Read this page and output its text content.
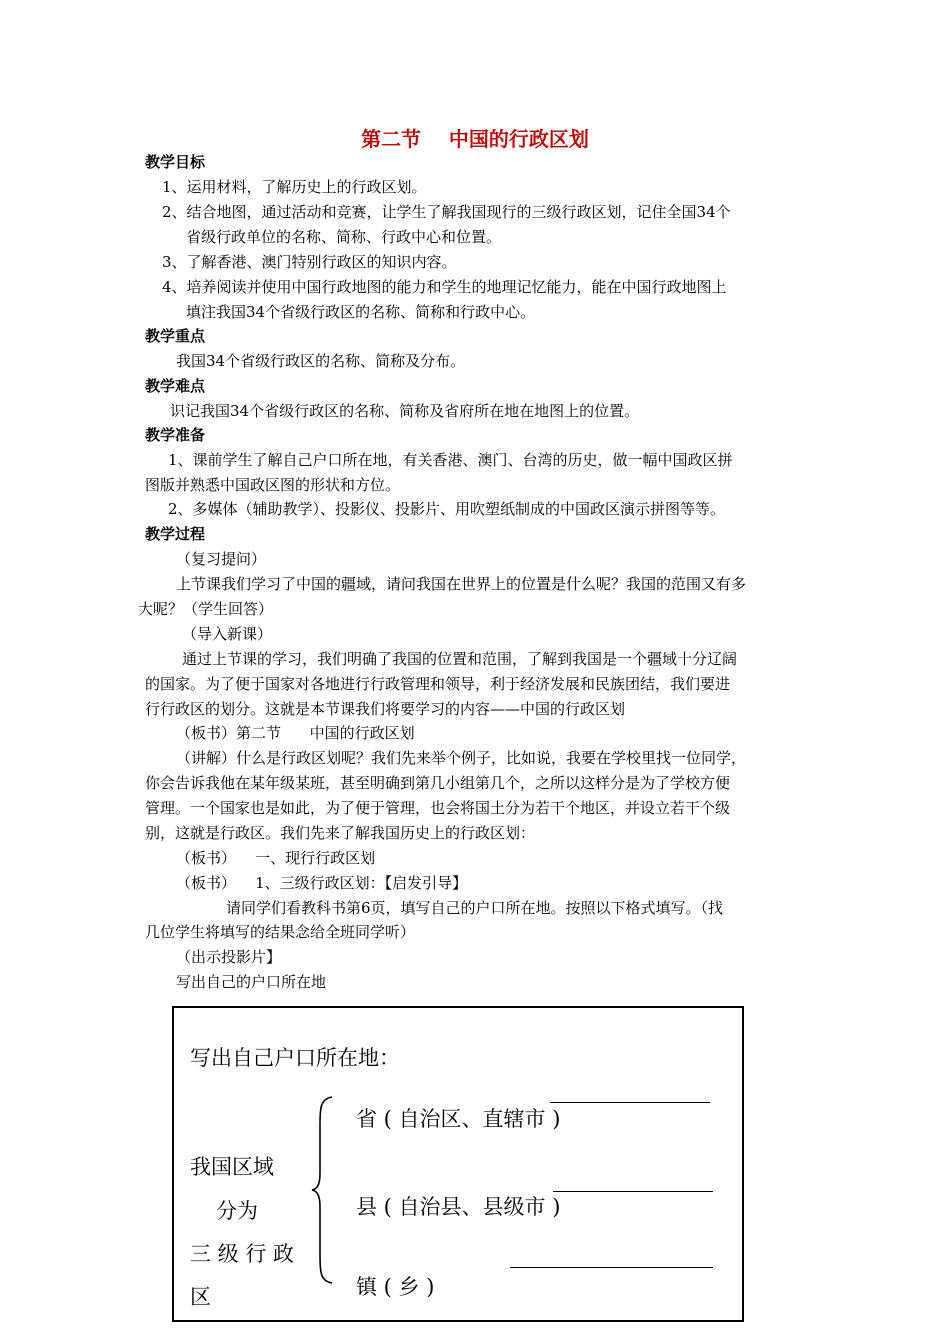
第二节    中国的行政区划
教学目标
1、运用材料，了解历史上的行政区划。
2、结合地图，通过活动和竞赛，让学生了解我国现行的三级行政区划，记住全国34个
省级行政单位的名称、简称、行政中心和位置。
3、了解香港、澳门特别行政区的知识内容。
4、培养阅读并使用中国行政地图的能力和学生的地理记忆能力，能在中国行政地图上
填注我国34个省级行政区的名称、简称和行政中心。
教学重点
我国34个省级行政区的名称、简称及分布。
教学难点
识记我国34个省级行政区的名称、简称及省府所在地在地图上的位置。
教学准备
1、课前学生了解自己户口所在地，有关香港、澳门、台湾的历史，做一幅中国政区拼
图版并熟悉中国政区图的形状和方位。
2、多媒体（辅助教学）、投影仪、投影片、用吹塑纸制成的中国政区演示拼图等等。
教学过程
（复习提问）
上节课我们学习了中国的疆域，请问我国在世界上的位置是什么呢？我国的范围又有多
大呢？（学生回答）
（导入新课）
通过上节课的学习，我们明确了我国的位置和范围，了解到我国是一个疆域十分辽阔
的国家。为了便于国家对各地进行行政管理和领导，利于经济发展和民族团结，我们要进
行行政区的划分。这就是本节课我们将要学习的内容——中国的行政区划
（板书）第二节      中国的行政区划
（讲解）什么是行政区划呢？我们先来举个例子，比如说，我要在学校里找一位同学，
你会告诉我他在某年级某班，甚至明确到第几小组第几个，之所以这样分是为了学校方便
管理。一个国家也是如此，为了便于管理，也会将国土分为若干个地区，并设立若干个级
别，这就是行政区。我们先来了解我国历史上的行政区划：
（板书）    一、现行行政区划
（板书）    1、三级行政区划：【启发引导】
请同学们看教科书第6页，填写自己的户口所在地。按照以下格式填写。（找
几位学生将填写的结果念给全班同学听）
（出示投影片】
写出自己的户口所在地
写出自己户口所在地：
我国区域
分为
三 级 行 政
区
省 ( 自治区、直辖市 )
县 ( 自治县、县级市 )
镇 ( 乡 )
